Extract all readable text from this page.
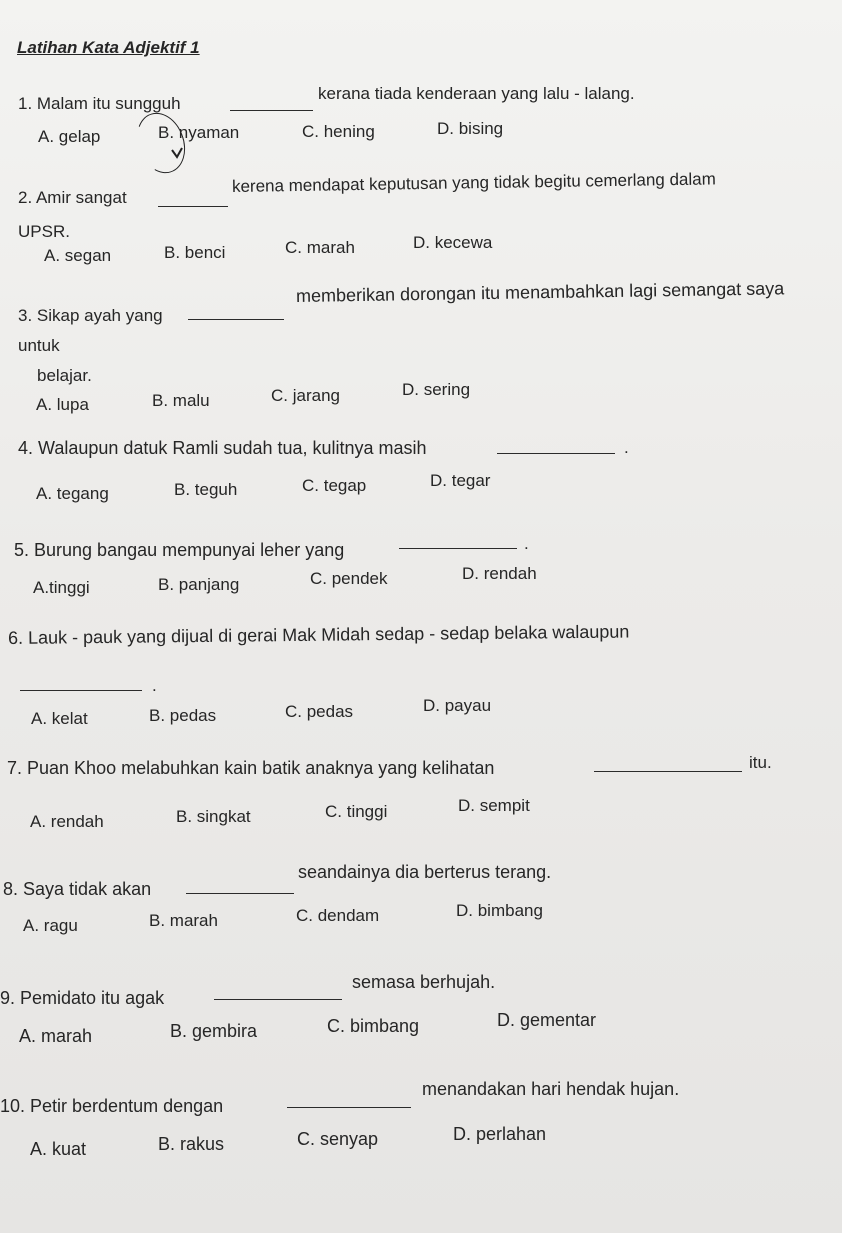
Latihan Kata Adjektif 1
1. Malam itu sungguh
kerana tiada kenderaan yang lalu - lalang.
A. gelap	B. nyaman	C. hening	D. bising
2. Amir sangat
kerena mendapat keputusan yang tidak begitu cemerlang dalam
UPSR.
A. segan	B. benci	C. marah	D. kecewa
3. Sikap ayah yang
memberikan dorongan itu menambahkan lagi semangat saya
untuk
belajar.
A. lupa	B. malu	C. jarang	D. sering
4. Walaupun datuk Ramli sudah tua, kulitnya masih	.
A. tegang	B. teguh	C. tegap	D. tegar
5. Burung bangau mempunyai leher yang	.
A.tinggi	B. panjang	C. pendek	D. rendah
6. Lauk - pauk yang dijual di gerai Mak Midah sedap - sedap belaka walaupun
.
A. kelat	B. pedas	C. pedas	D. payau
7. Puan Khoo melabuhkan kain batik anaknya yang kelihatan	itu.
A. rendah	B. singkat	C. tinggi	D. sempit
8. Saya tidak akan
seandainya dia berterus terang.
A. ragu	B. marah	C. dendam	D. bimbang
9. Pemidato itu agak
semasa berhujah.
A. marah	B. gembira	C. bimbang	D. gementar
10. Petir berdentum dengan
menandakan hari hendak hujan.
A. kuat	B. rakus	C. senyap	D. perlahan
